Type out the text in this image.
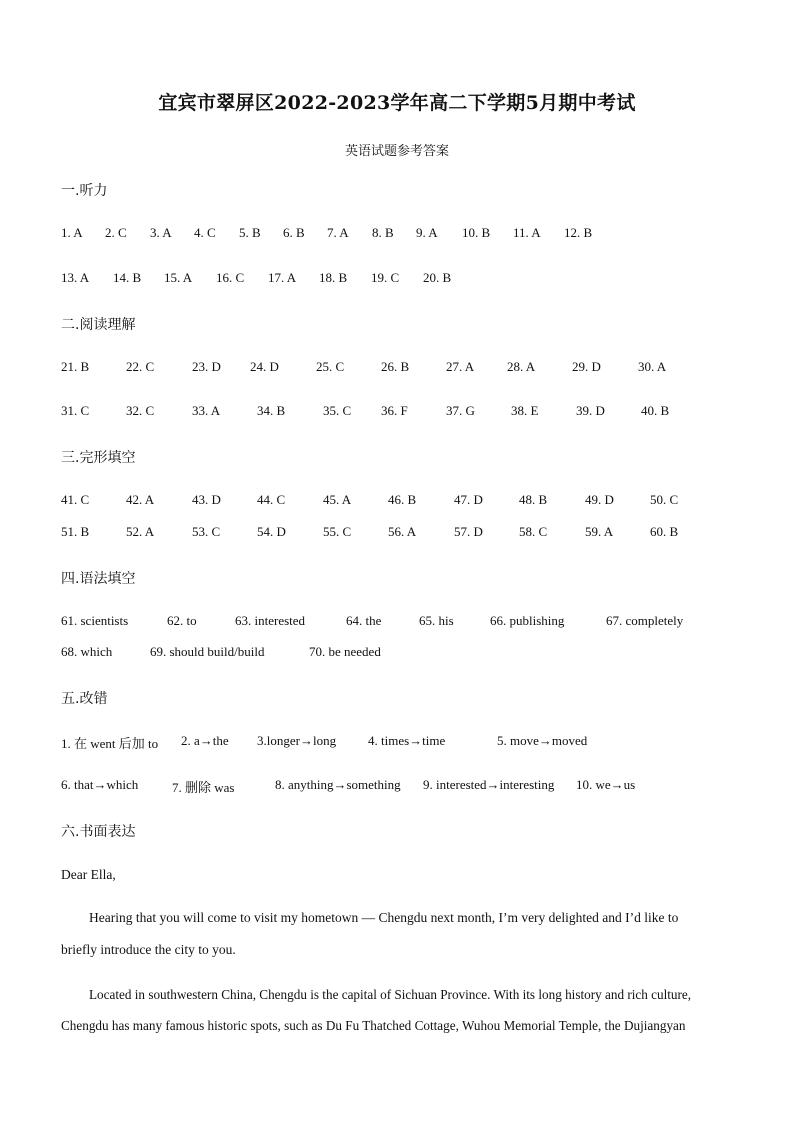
宜宾市翠屏区2022-2023学年高二下学期5月期中考试
英语试题参考答案
一.听力
1. A 2. C 3. A 4. C 5. B 6. B 7. A 8. B 9. A 10. B 11. A 12. B
13. A 14. B 15. A 16. C 17. A 18. B 19. C 20. B
二.阅读理解
21. B	22. C	23. D 24. D	25. C	26. B	27. A	28. A	29. D	30. A
31. C	32. C	33. A	34. B	35. C 36. F	37. G	38. E	39. D	40. B
三.完形填空
41. C	42. A	43. D	44. C	45. A	46. B	47. D	48. B	49. D	50. C
51. B	52. A	53. C	54. D	55. C	56. A	57. D	58. C	59. A	60. B
四.语法填空
61. scientists	62. to	63. interested	64. the	65. his	66. publishing	67. completely
68. which	69. should build/build	70. be needed
五.改错
1. 在 went 后加 to 2. a→the 3.longer→long 4. times→time	5. move→moved
6. that→which	7. 删除 was	8. anything→something 9. interested→interesting 10. we→us
六.书面表达
Dear Ella,
Hearing that you will come to visit my hometown — Chengdu next month, I’m very delighted and I’d like to
briefly introduce the city to you.
Located in southwestern China, Chengdu is the capital of Sichuan Province. With its long history and rich culture,
Chengdu has many famous historic spots, such as Du Fu Thatched Cottage, Wuhou Memorial Temple, the Dujiangyan
